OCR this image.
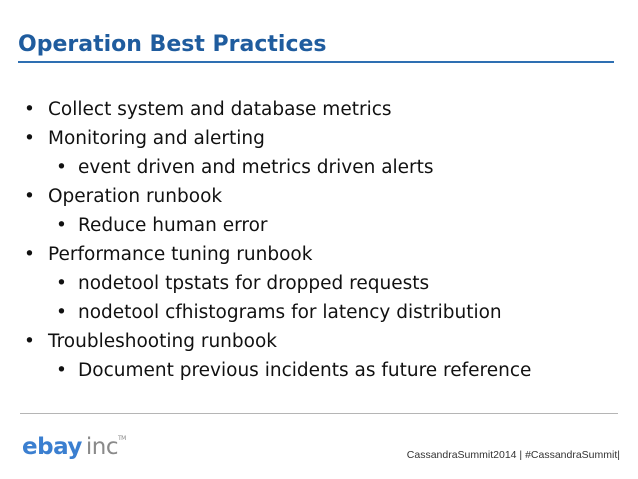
Operation Best Practices
• Collect system and database metrics
• Monitoring and alerting
• event driven and metrics driven alerts
• Operation runbook
• Reduce human error
• Performance tuning runbook
• nodetool tpstats for dropped requests
• nodetool cfhistograms for latency distribution
• Troubleshooting runbook
• Document previous incidents as future reference
ebay inc™
CassandraSummit2014 | #CassandraSummit|
